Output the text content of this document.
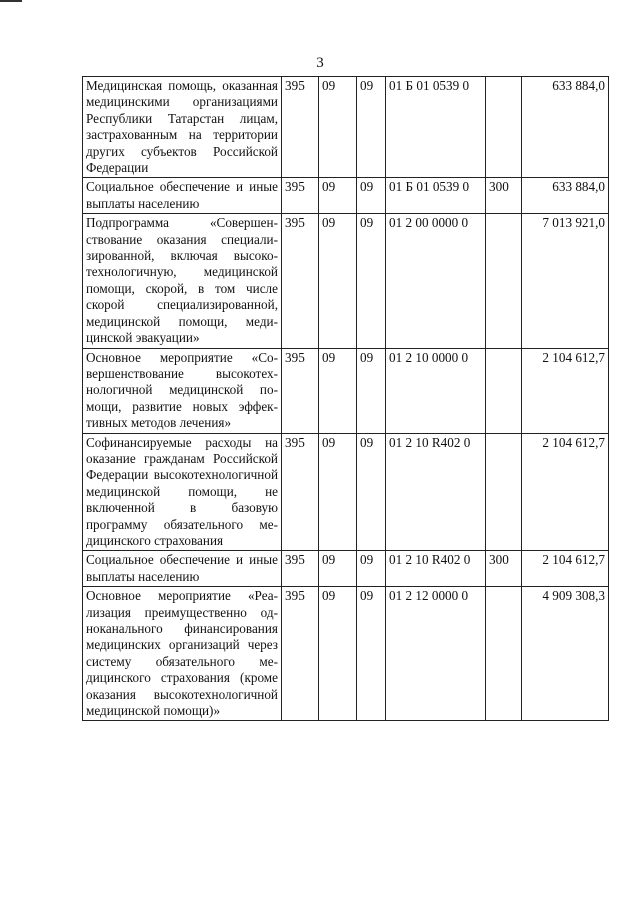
3
Медицинская помощь, оказанная медицинскими организациями Республики Татарстан лицам, застрахованным на территории других субъектов Российской Федерации	395	09	09	01 Б 01 0539 0		633 884,0
Социальное обеспечение и иные выплаты населению	395	09	09	01 Б 01 0539 0	300	633 884,0
Подпрограмма «Совершенствование оказания специализированной, включая высокотехнологичную, медицинской помощи, скорой, в том числе скорой специализированной, медицинской помощи, медицинской эвакуации»	395	09	09	01 2 00 0000 0		7 013 921,0
Основное мероприятие «Совершенствование высокотехнологичной медицинской помощи, развитие новых эффективных методов лечения»	395	09	09	01 2 10 0000 0		2 104 612,7
Софинансируемые расходы на оказание гражданам Российской Федерации высокотехнологичной медицинской помощи, не включенной в базовую программу обязательного медицинского страхования	395	09	09	01 2 10 R402 0		2 104 612,7
Социальное обеспечение и иные выплаты населению	395	09	09	01 2 10 R402 0	300	2 104 612,7
Основное мероприятие «Реализация преимущественно одноканального финансирования медицинских организаций через систему обязательного медицинского страхования (кроме оказания высокотехнологичной медицинской помощи)»	395	09	09	01 2 12 0000 0		4 909 308,3
